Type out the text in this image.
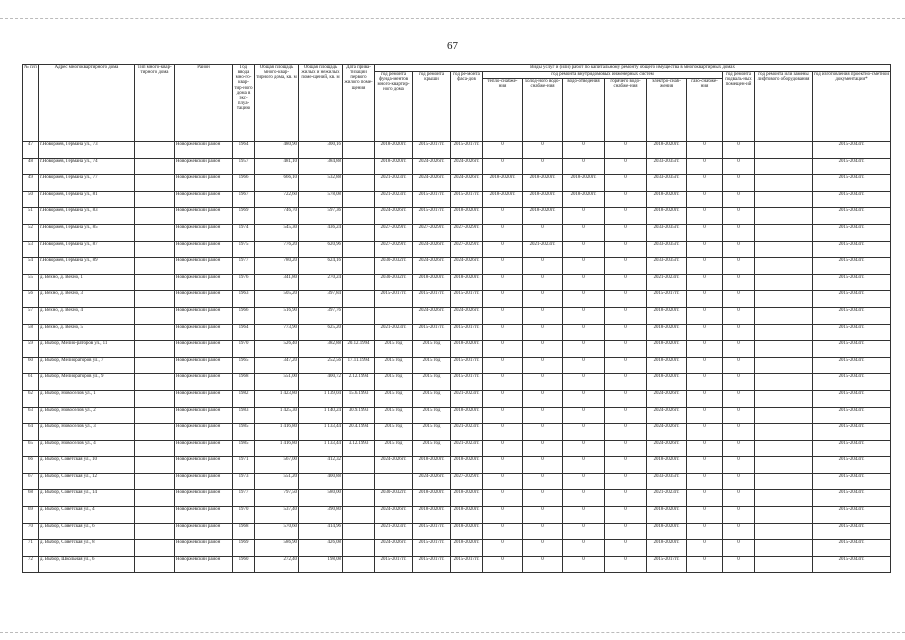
67
№ п/п	Адрес многоквартирного дома	Тип много-квар-тирного дома	Район	Год ввода мно-го-квар-тир-ного дома в экс-плуа-тацию	Общая площадь много-квар-тирного дома, кв. м	Общая площадь жилых и нежилых поме-щений, кв. м	Дата прива-тизации первого жилого поме-щения	Виды услуг и (или) работ по капитальному ремонту общего имущества в многоквартирных домах											
								год ремонта фунда-ментов много-квартир-ного дома	год ремонта крыши	год ре-монта фаса-дов	год ремонта внутридомовых инженерных систем						год ремонта подваль-ных помещен-ий	год ремонта или замены лифтового оборудования	год изготовления проектно-сметной документации*
											тепло-снабже-ния	холод-ного водо-снабже-ния	водо-отведения	горячего водо-снабже-ния	электро-снаб-жения	газо-снабже-ния			
47	г.Новоржев, Германа ул., 73		Новоржевский район	1964	480,90	300,16		2018-2020гг.	2015-2017гг.	2015-2017гг.	0	0	0	0	2018-2020гг.	0	0		2015-2043гг.
48	г.Новоржев, Германа ул., 74		Новоржевский район	1957	481,10	384,88		2018-2020гг.	2024-2026гг.	2024-2026гг.	0	0	0	0	2033-2035гг.	0	0		2015-2043гг.
49	г.Новоржев, Германа ул., 77		Новоржевский район	1966	666,10	532,88		2021-2023гг.	2024-2026гг.	2024-2026гг.	2018-2020гг.	2018-2020гг.	2018-2020гг.	0	2033-2035гг.	0	0		2015-2043гг.
50	г.Новоржев, Германа ул., 81		Новоржевский район	1967	722,60	578,08		2021-2023гг.	2015-2017гг.	2015-2017гг.	2018-2020гг.	2018-2020гг.	2018-2020гг.	0	2018-2020гг.	0	0		2015-2043гг.
51	г.Новоржев, Германа ул., 83		Новоржевский район	1969	746,70	597,36		2024-2026гг.	2015-2017гг.	2018-2020гг.	0	2018-2020гг.	0	0	2018-2020гг.	0	0		2015-2043гг.
52	г.Новоржев, Германа ул., 85		Новоржевский район	1974	545,30	436,24		2027-2029гг.	2027-2029гг.	2027-2029гг.	0	0	0	0	2033-2035гг.	0	0		2015-2043гг.
53	г.Новоржев, Германа ул., 87		Новоржевский район	1975	776,20	620,96		2027-2029гг.	2024-2026гг.	2027-2029гг.	0	2021-2023гг.	0	0	2033-2035гг.	0	0		2015-2043гг.
54	г.Новоржев, Германа ул., 89		Новоржевский район	1977	780,20	624,16		2030-2032гг.	2024-2026гг.	2024-2026гг.	0	0	0	0	2033-2035гг.	0	0		2015-2043гг.
55	д. Вехно, д. Вехно, 1		Новоржевский район	1976	341,80	270,24		2030-2032гг.	2018-2020гг.	2018-2020гг.	0	0	0	0	2021-2023гг.	0	0		2015-2043гг.
56	д. Вехно, д. Вехно, 3		Новоржевский район	1963	505,20	397,84		2015-2017гг.	2015-2017гг.	2015-2017гг.	0	0	0	0	2015-2017гг.	0	0		2015-2043гг.
57	д. Вехно, д. Вехно, 4		Новоржевский район	1966	516,90	397,76			2024-2026гг.	2024-2026гг.	0	0	0	0	2018-2020гг.	0	0		2015-2043гг.
58	д. Вехно, д. Вехно, 5		Новоржевский район	1964	773,90	625,20		2021-2023гг.	2015-2017гг.	2015-2017гг.	0	0	0	0	2018-2020гг.	0	0		2015-2043гг.
59	д. Выбор, Мелио-раторов ул., 11		Новоржевский район	1970	526,40	382,88	20.12.1994	2015 год	2015 год	2018-2020гг.	0	0	0	0	2018-2020гг.	0	0		2015-2043гг.
60	д. Выбор, Мелиораторов ул., 7		Новоржевский район	1965	347,20	252,56	17.11.1994	2015 год	2015 год	2015-2017гг.	0	0	0	0	2018-2020гг.	0	0		2015-2043гг.
61	д. Выбор, Мелиораторов ул., 9		Новоржевский район	1968	551,00	400,72	2.12.1994	2015 год	2015 год	2015-2017гг.	0	0	0	0	2018-2020гг.	0	0		2015-2043гг.
62	д. Выбор, Новоселов ул., 1		Новоржевский район	1982	1 423,80	1 139,04	15.6.1993	2015 год	2015 год	2021-2023гг.	0	0	0	0	2024-2026гг.	0	0		2015-2043гг.
63	д. Выбор, Новоселов ул., 2		Новоржевский район	1983	1 425,30	1 140,24	30.9.1993	2015 год	2015 год	2018-2020гг.	0	0	0	0	2024-2026гг.	0	0		2015-2043гг.
64	д. Выбор, Новоселов ул., 3		Новоржевский район	1985	1 416,80	1 133,44	20.4.1994	2015 год	2015 год	2021-2023гг.	0	0	0	0	2024-2026гг.	0	0		2015-2043гг.
65	д. Выбор, Новоселов ул., 4		Новоржевский район	1985	1 416,80	1 133,44	3.12.1993	2015 год	2015 год	2021-2023гг.	0	0	0	0	2024-2026гг.	0	0		2015-2043гг.
66	д. Выбор, Советская ул., 10		Новоржевский район	1971	567,00	412,32		2024-2026гг.	2018-2020гг.	2018-2020гг.	0	0	0	0	2018-2020гг.	0	0		2015-2043гг.
67	д. Выбор, Советская ул., 12		Новоржевский район	1973	551,20	400,88			2024-2026гг.	2027-2029гг.	0	0	0	0	2033-2035гг.	0	0		2015-2043гг.
68	д. Выбор, Советская ул., 14		Новоржевский район	1977	797,50	580,00		2030-2032гг.	2018-2020гг.	2018-2020гг.	0	0	0	0	2021-2023гг.	0	0		2015-2043гг.
69	д. Выбор, Советская ул., 4		Новоржевский район	1970	537,40	390,80		2024-2026гг.	2018-2020гг.	2018-2020гг.	0	0	0	0	2018-2020гг.	0	0		2015-2043гг.
70	д. Выбор, Советская ул., 6		Новоржевский район	1968	570,60	414,96		2021-2023гг.	2015-2017гг.	2018-2020гг.	0	0	0	0	2018-2020гг.	0	0		2015-2043гг.
71	д. Выбор, Советская ул., 8		Новоржевский район	1969	586,90	426,08		2024-2026гг.	2015-2017гг.	2018-2020гг.	0	0	0	0	2018-2020гг.	0	0		2015-2043гг.
72	д. Выбор, Школьная ул., 6		Новоржевский район	1960	272,40	198,08		2015-2017гг.	2015-2017гг.	2015-2017гг.	0	0	0	0	2015-2017гг.	0	0		2015-2043гг.
